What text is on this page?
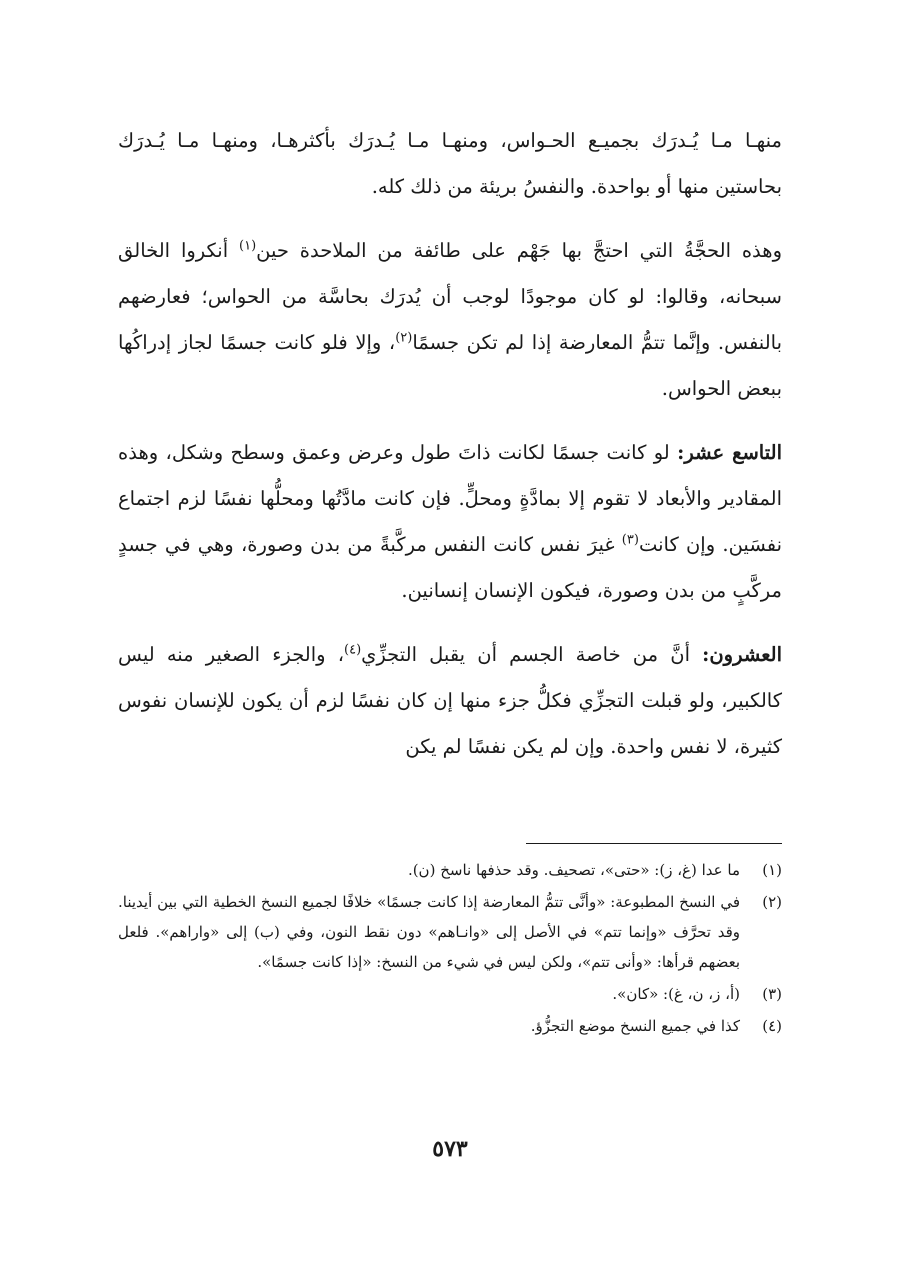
منهـا مـا يُـدرَك بجميـع الحـواس، ومنهـا مـا يُـدرَك بأكثرهـا، ومنهـا مـا يُـدرَك بحاستين منها أو بواحدة. والنفسُ بريئة من ذلك كله.

وهذه الحجَّةُ التي احتجَّ بها جَهْم على طائفة من الملاحدة حين$^{(١)}$ أنكروا الخالق سبحانه، وقالوا: لو كان موجودًا لوجب أن يُدرَك بحاسَّة من الحواس؛ فعارضهم بالنفس. وإنَّما تتمُّ المعارضة إذا لم تكن جسمًا$^{(٢)}$، وإلا فلو كانت جسمًا لجاز إدراكُها ببعض الحواس.

التاسع عشر: لو كانت جسمًا لكانت ذاتَ طول وعرض وعمق وسطح وشكل، وهذه المقادير والأبعاد لا تقوم إلا بمادَّةٍ ومحلٍّ. فإن كانت مادَّتُها ومحلُّها نفسًا لزم اجتماع نفسَين. وإن كانت$^{(٣)}$ غيرَ نفس كانت النفس مركَّبةً من بدن وصورة، وهي في جسدٍ مركَّبٍ من بدن وصورة، فيكون الإنسان إنسانين.

العشرون: أنَّ من خاصة الجسم أن يقبل التجزِّي$^{(٤)}$، والجزء الصغير منه ليس كالكبير، ولو قبلت التجزِّي فكلُّ جزء منها إن كان نفسًا لزم أن يكون للإنسان نفوس كثيرة، لا نفس واحدة. وإن لم يكن نفسًا لم يكن

(١)
ما عدا (غ، ز): «حتى»، تصحيف. وقد حذفها ناسخ (ن).
(٢)
في النسخ المطبوعة: «وأنَّى تتمُّ المعارضة إذا كانت جسمًا» خلافًا لجميع النسخ الخطية التي بين أيدينا. وقد تحرَّف «وإنما تتم» في الأصل إلى «وانـاهم» دون نقط النون، وفي (ب) إلى «واراهم». فلعل بعضهم قرأها: «وأنى تتم»، ولكن ليس في شيء من النسخ: «إذا كانت جسمًا».
(٣)
(أ، ز، ن، غ): «كان».
(٤)
كذا في جميع النسخ موضع التجزُّؤ.
٥٧٣
